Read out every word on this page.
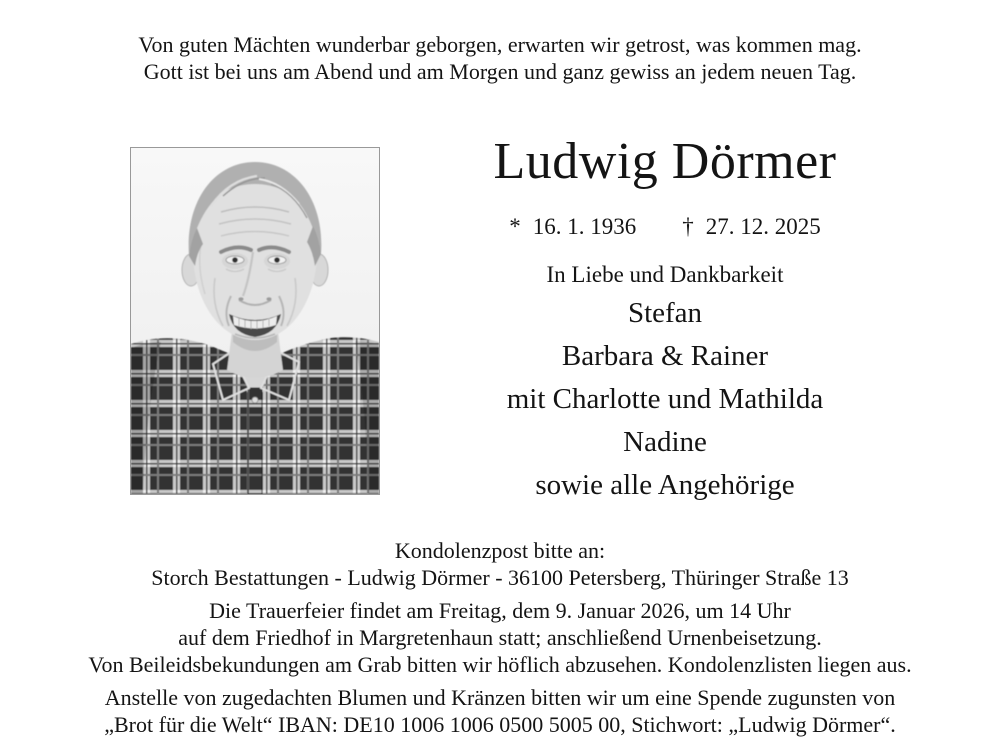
Von guten Mächten wunderbar geborgen, erwarten wir getrost, was kommen mag.
Gott ist bei uns am Abend und am Morgen und ganz gewiss an jedem neuen Tag.
Ludwig Dörmer
* 16. 1. 1936 † 27. 12. 2025
In Liebe und Dankbarkeit
Stefan
Barbara & Rainer
mit Charlotte und Mathilda
Nadine
sowie alle Angehörige
Kondolenzpost bitte an:
Storch Bestattungen - Ludwig Dörmer - 36100 Petersberg, Thüringer Straße 13
Die Trauerfeier findet am Freitag, dem 9. Januar 2026, um 14 Uhr
auf dem Friedhof in Margretenhaun statt; anschließend Urnenbeisetzung.
Von Beileidsbekundungen am Grab bitten wir höflich abzusehen. Kondolenzlisten liegen aus.
Anstelle von zugedachten Blumen und Kränzen bitten wir um eine Spende zugunsten von
„Brot für die Welt“ IBAN: DE10 1006 1006 0500 5005 00, Stichwort: „Ludwig Dörmer“.
